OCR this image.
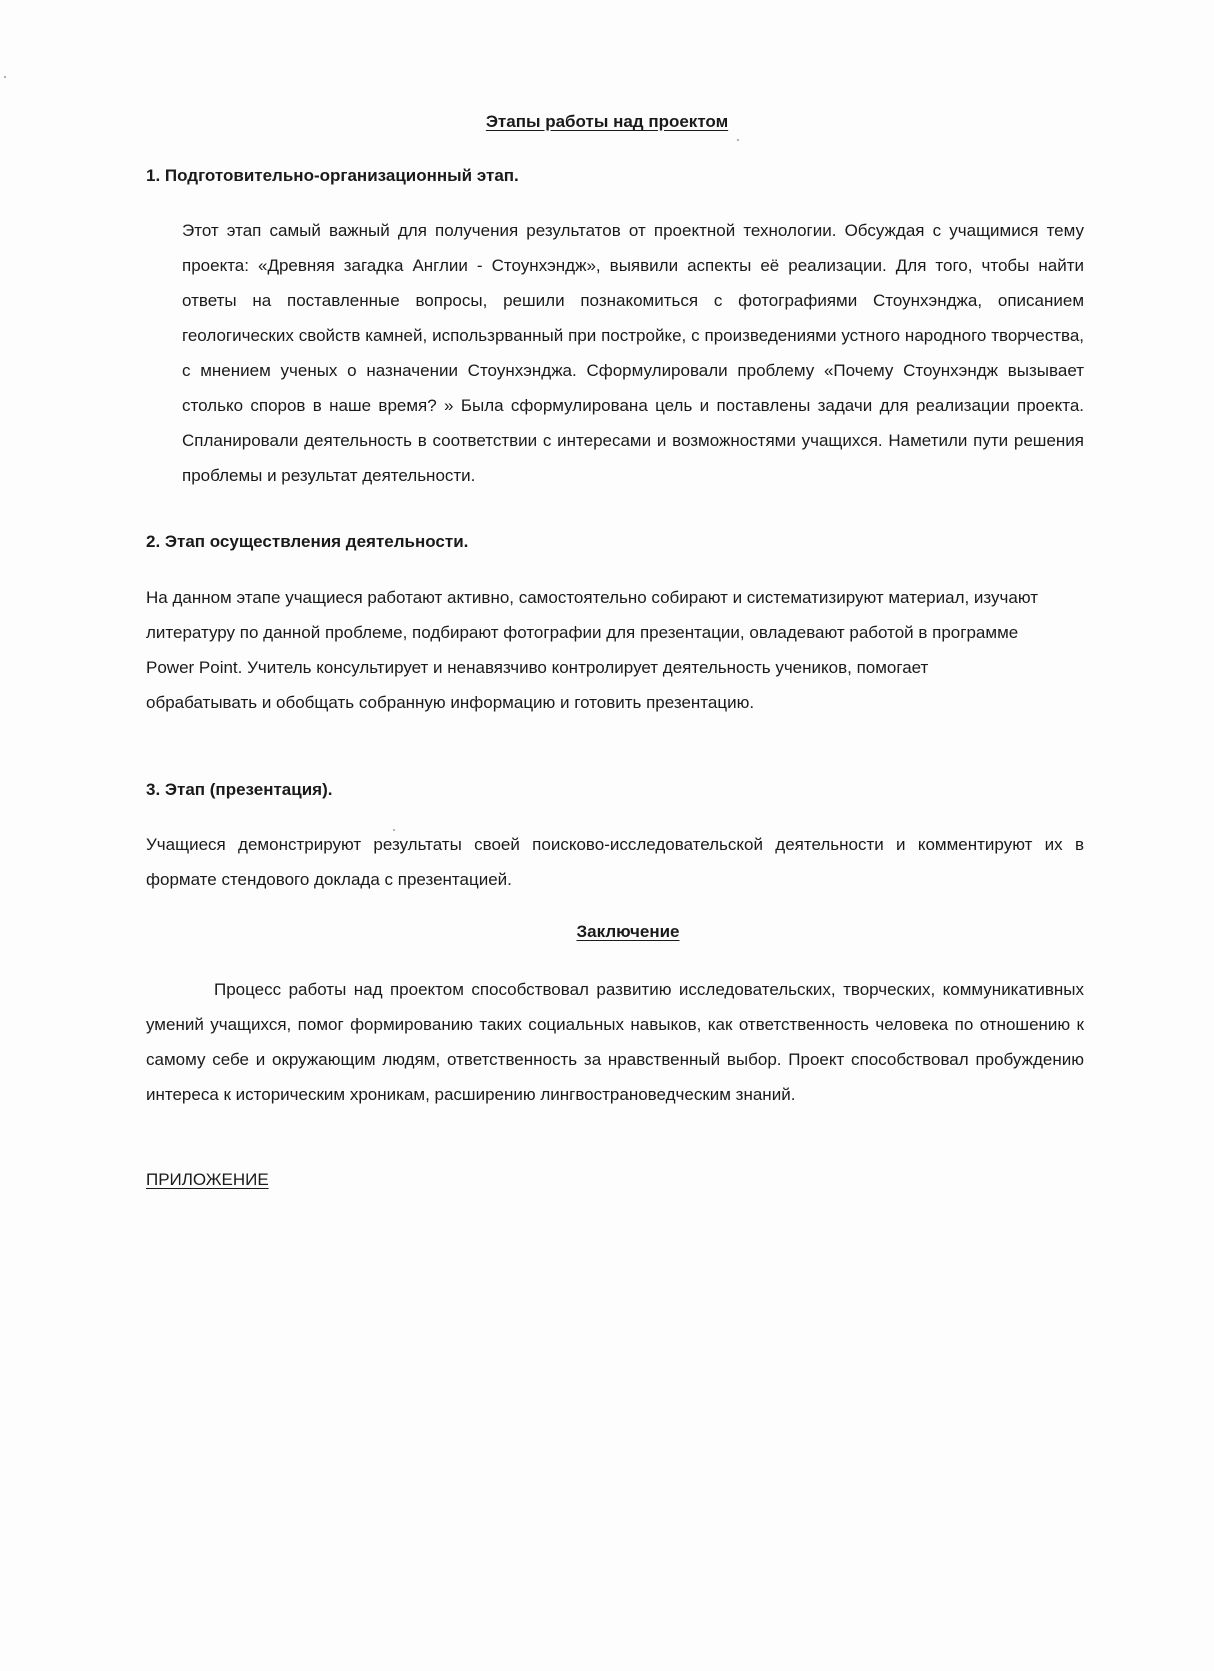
Этапы работы над проектом
1. Подготовительно-организационный этап.
Этот этап самый важный для получения результатов от проектной технологии. Обсуждая с учащимися тему проекта: «Древняя загадка Англии - Стоунхэндж», выявили аспекты её реализации. Для того, чтобы найти ответы на поставленные вопросы, решили познакомиться с фотографиями Стоунхэнджа, описанием геологических свойств камней, использрванный при постройке, с произведениями устного народного творчества, с мнением ученых о назначении Стоунхэнджа. Сформулировали проблему «Почему Стоунхэндж вызывает столько споров в наше время? » Была сформулирована цель и поставлены задачи для реализации проекта. Спланировали деятельность в соответствии с интересами и возможностями учащихся. Наметили пути решения проблемы и результат деятельности.
2. Этап осуществления деятельности.
На данном этапе учащиеся работают активно, самостоятельно собирают и систематизируют материал, изучают литературу по данной проблеме, подбирают фотографии для презентации, овладевают работой в программе Power Point. Учитель консультирует и ненавязчиво контролирует деятельность учеников, помогает обрабатывать и обобщать собранную информацию и готовить презентацию.
3. Этап (презентация).
Учащиеся демонстрируют результаты своей поисково-исследовательской деятельности и комментируют их в формате стендового доклада с презентацией.
Заключение
Процесс работы над проектом способствовал развитию исследовательских, творческих, коммуникативных умений учащихся, помог формированию таких социальных навыков, как ответственность человека по отношению к самому себе и окружающим людям, ответственность за нравственный выбор. Проект способствовал пробуждению интереса к историческим хроникам, расширению лингвострановедческим знаний.
ПРИЛОЖЕНИЕ
